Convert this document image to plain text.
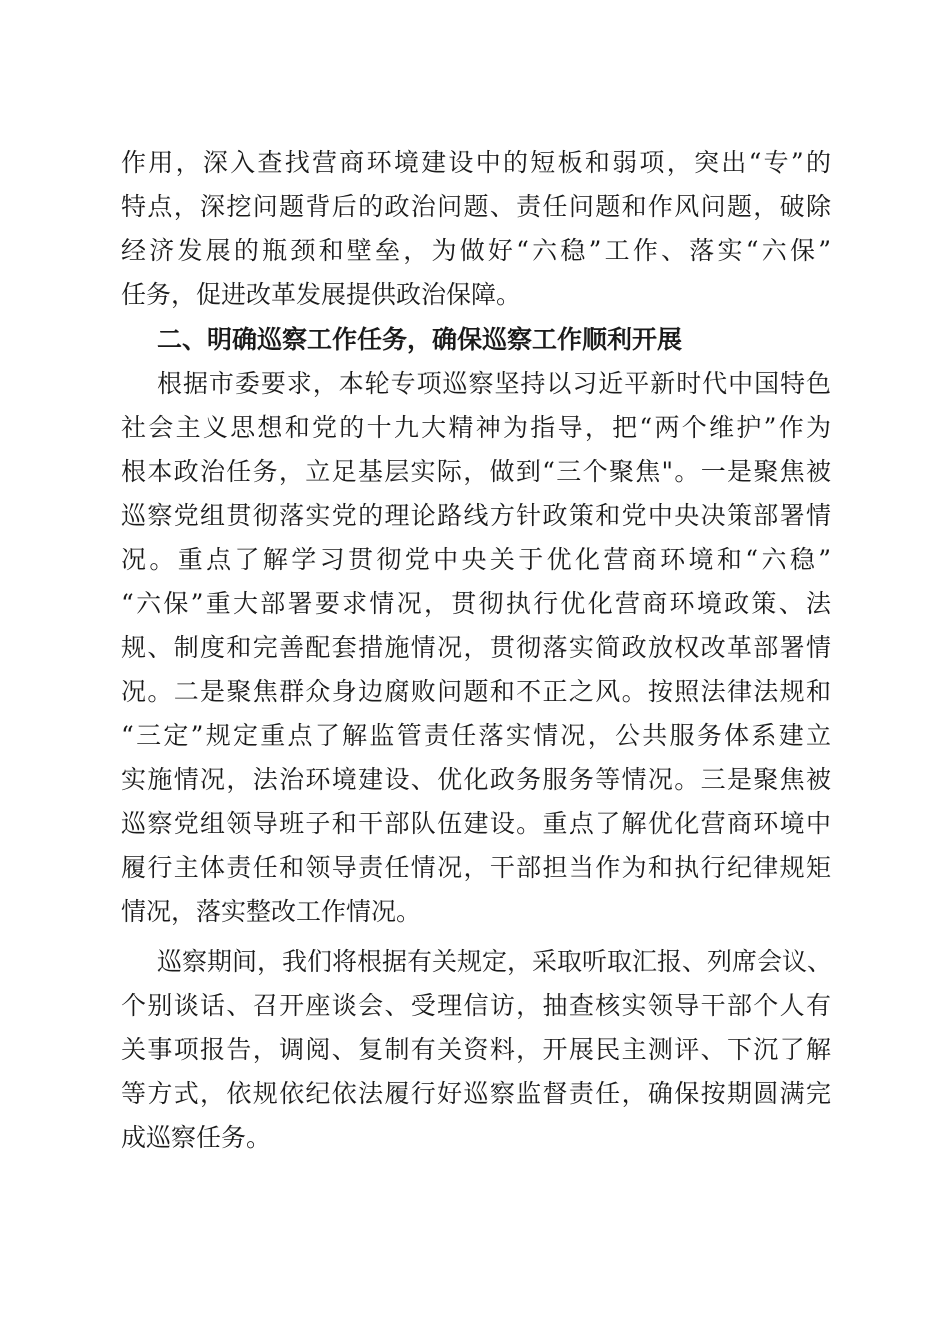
作用，深入查找营商环境建设中的短板和弱项，突出“专”的
特点，深挖问题背后的政治问题、责任问题和作风问题，破除
经济发展的瓶颈和壁垒，为做好“六稳”工作、落实“六保”
任务，促进改革发展提供政治保障。
二、明确巡察工作任务，确保巡察工作顺利开展
根据市委要求，本轮专项巡察坚持以习近平新时代中国特色
社会主义思想和党的十九大精神为指导，把“两个维护”作为
根本政治任务，立足基层实际，做到“三个聚焦"。一是聚焦被
巡察党组贯彻落实党的理论路线方针政策和党中央决策部署情
况。重点了解学习贯彻党中央关于优化营商环境和“六稳”
“六保”重大部署要求情况，贯彻执行优化营商环境政策、法
规、制度和完善配套措施情况，贯彻落实简政放权改革部署情
况。二是聚焦群众身边腐败问题和不正之风。按照法律法规和
“三定”规定重点了解监管责任落实情况，公共服务体系建立
实施情况，法治环境建设、优化政务服务等情况。三是聚焦被
巡察党组领导班子和干部队伍建设。重点了解优化营商环境中
履行主体责任和领导责任情况，干部担当作为和执行纪律规矩
情况，落实整改工作情况。
巡察期间，我们将根据有关规定，采取听取汇报、列席会议、
个别谈话、召开座谈会、受理信访，抽查核实领导干部个人有
关事项报告，调阅、复制有关资料，开展民主测评、下沉了解
等方式，依规依纪依法履行好巡察监督责任，确保按期圆满完
成巡察任务。
